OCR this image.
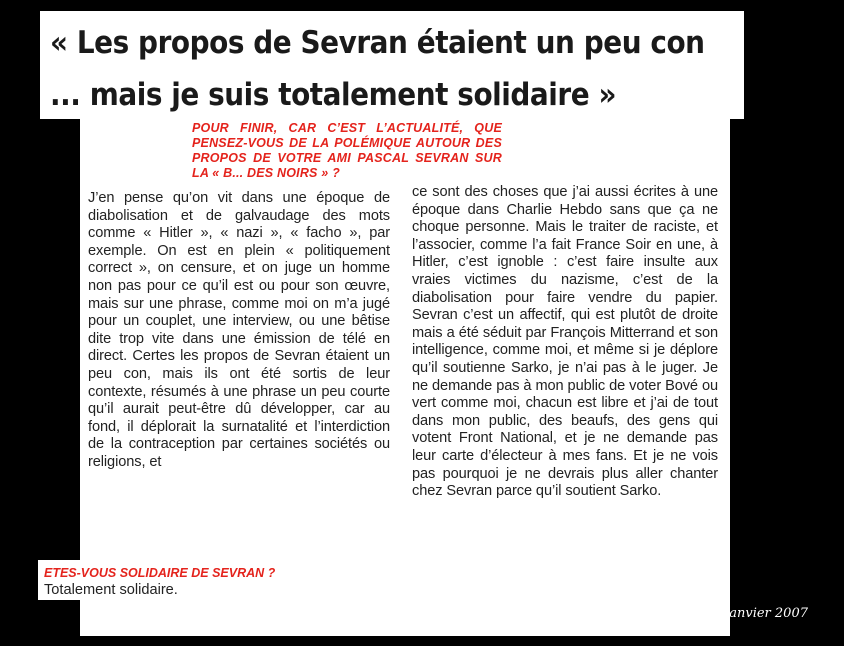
« Les propos de Sevran étaient un peu con
... mais je suis totalement solidaire »

POUR FINIR, CAR C’EST L’ACTUALITÉ, QUE PENSEZ-VOUS DE LA POLÉMIQUE AUTOUR DES PROPOS DE VOTRE AMI PASCAL SEVRAN SUR LA « B... DES NOIRS » ?

J’en pense qu’on vit dans une époque de diabolisation et de galvaudage des mots comme « Hitler », « nazi », « facho », par exemple. On est en plein « politiquement correct », on censure, et on juge un homme non pas pour ce qu’il est ou pour son œuvre, mais sur une phrase, comme moi on m’a jugé pour un couplet, une interview, ou une bêtise dite trop vite dans une émission de télé en direct. Certes les propos de Sevran étaient un peu con, mais ils ont été sortis de leur contexte, résumés à une phrase un peu courte qu’il aurait peut-être dû développer, car au fond, il déplorait la surnatalité et l’interdiction de la contraception par certaines sociétés ou religions, et

ce sont des choses que j’ai aussi écrites à une époque dans Charlie Hebdo sans que ça ne choque personne. Mais le traiter de raciste, et l’associer, comme l’a fait France Soir en une, à Hitler, c’est ignoble : c’est faire insulte aux vraies victimes du nazisme, c’est de la diabolisation pour faire vendre du papier. Sevran c’est un affectif, qui est plutôt de droite mais a été séduit par François Mitterrand et son intelligence, comme moi, et même si je déplore qu’il soutienne Sarko, je n’ai pas à le juger. Je ne demande pas à mon public de voter Bové ou vert comme moi, chacun est libre et j’ai de tout dans mon public, des beaufs, des gens qui votent Front National, et je ne demande pas leur carte d’électeur à mes fans. Et je ne vois pas pourquoi je ne devrais plus aller chanter chez Sevran parce qu’il soutient Sarko.

ETES-VOUS SOLIDAIRE DE SEVRAN ?

Totalement solidaire.

Platine Janvier 2007
